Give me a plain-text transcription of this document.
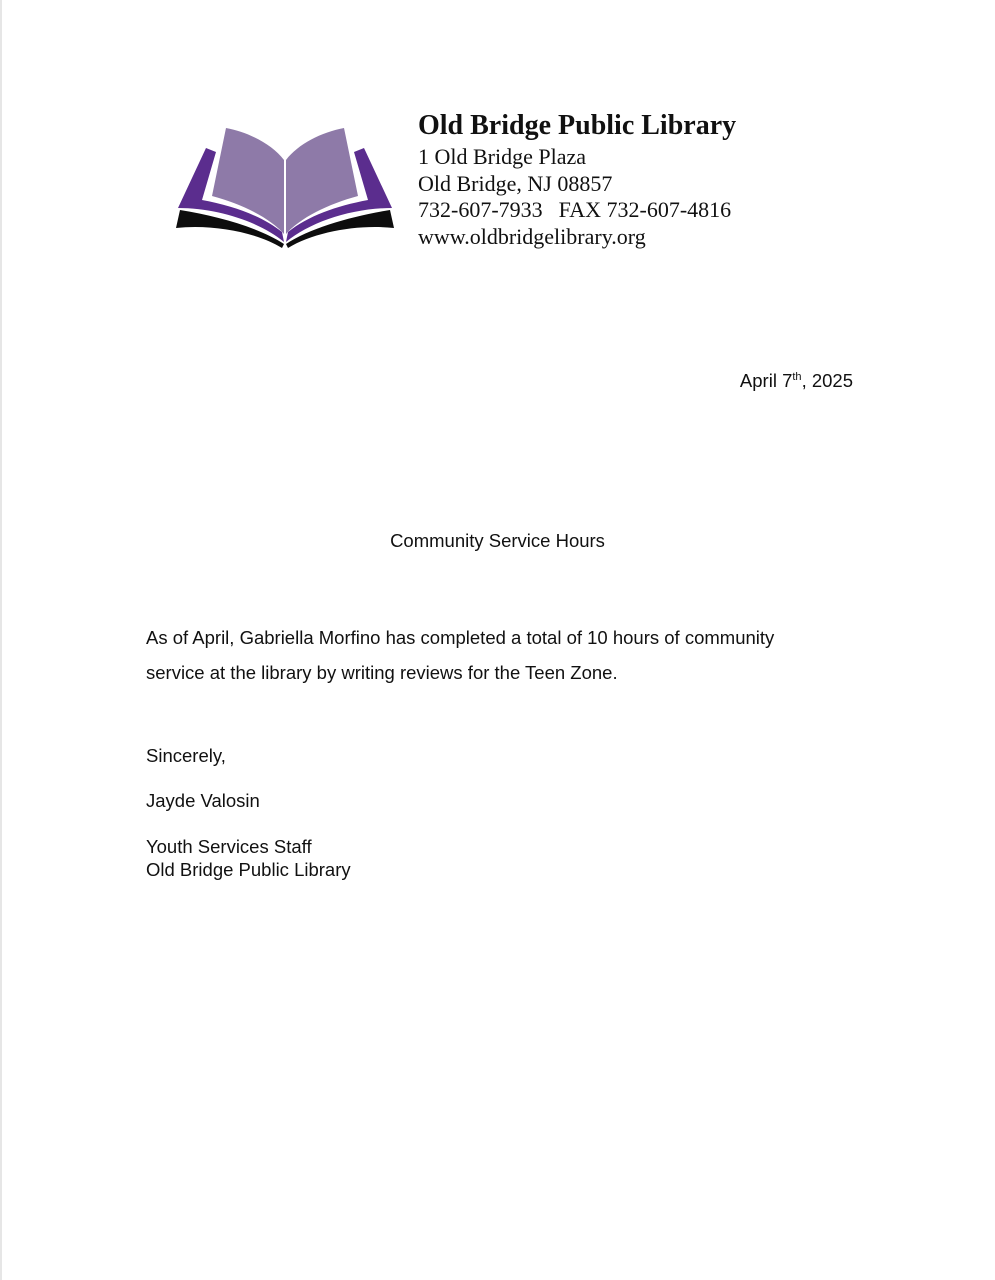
Old Bridge Public Library
1 Old Bridge Plaza
Old Bridge, NJ 08857
732-607-7933 FAX 732-607-4816
www.oldbridgelibrary.org
April 7th, 2025
Community Service Hours
As of April, Gabriella Morfino has completed a total of 10 hours of community
service at the library by writing reviews for the Teen Zone.
Sincerely,
Jayde Valosin
Youth Services Staff
Old Bridge Public Library
